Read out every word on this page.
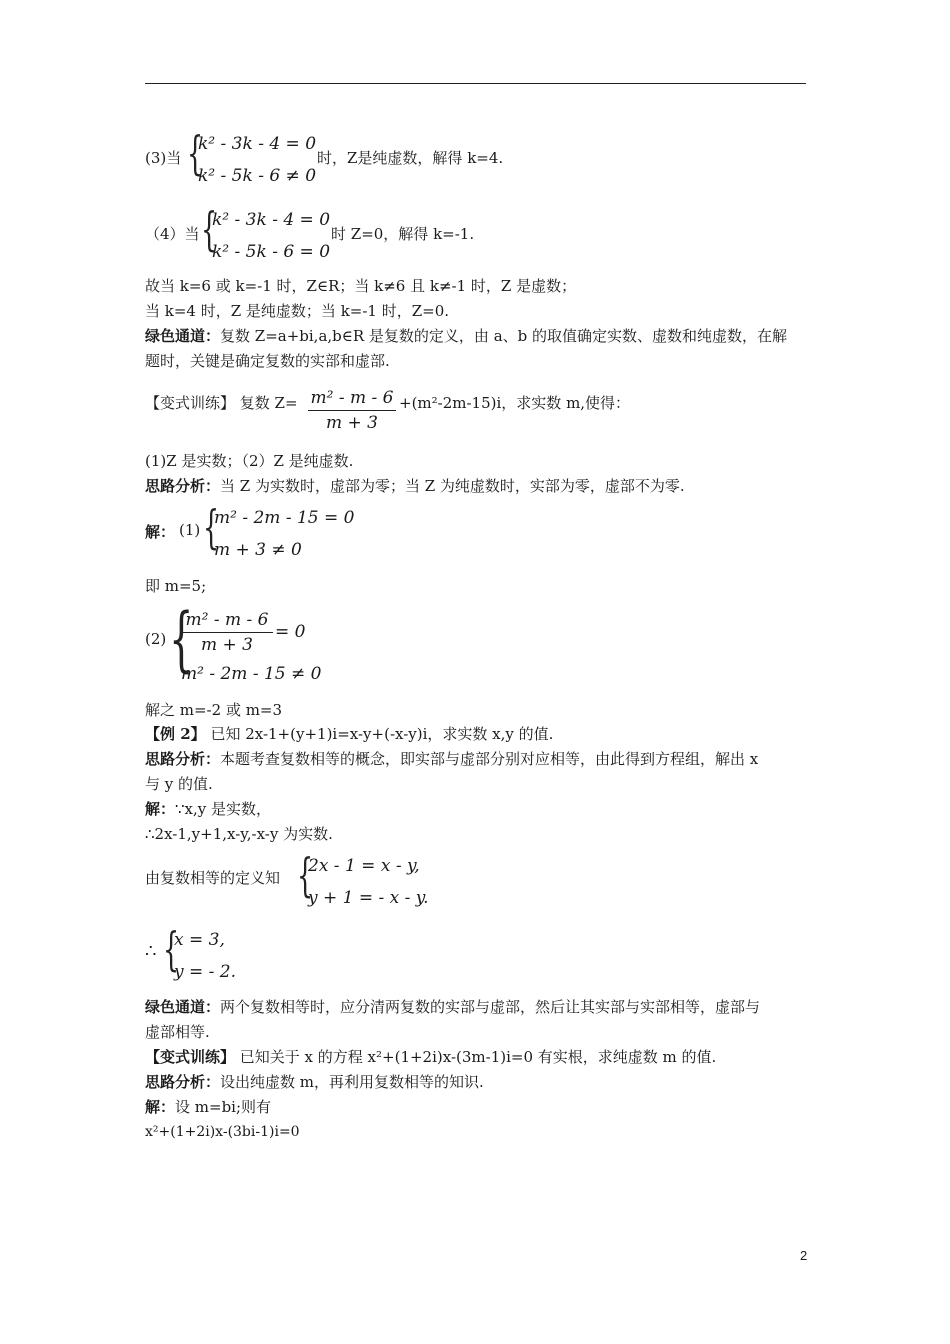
(3)当 {
k² - 3k - 4 = 0
k² - 5k - 6 ≠ 0
时，Z是纯虚数，解得 k=4.
（4）当 {
k² - 3k - 4 = 0
k² - 5k - 6 = 0
时 Z=0，解得 k=-1.
故当 k=6 或 k=-1 时，Z∈R；当 k≠6 且 k≠-1 时，Z 是虚数；
当 k=4 时，Z 是纯虚数；当 k=-1 时，Z=0.
绿色通道：复数 Z=a+bi,a,b∈R 是复数的定义，由 a、b 的取值确定实数、虚数和纯虚数，在解
题时，关键是确定复数的实部和虚部.
【变式训练】 复数 $Z= \frac{\text{m² - m - 6}}{m + 3} +(m^2-2m-15)i$，求实数 m,使得：
(1)Z 是实数；（2）Z 是纯虚数.
思路分析：当 Z 为实数时，虚部为零；当 Z 为纯虚数时，实部为零，虚部不为零.
解： (1) {
m² - 2m - 15 = 0
m + 3 ≠ 0
即 m=5;
(2) {
$\frac{\text{m² - m - 6}}{m + 3} = 0$
m² - 2m - 15 ≠ 0
解之 m=-2 或 m=3
【例 2】 已知 2x-1+(y+1)i=x-y+(-x-y)i，求实数 x,y 的值.
思路分析：本题考查复数相等的概念，即实部与虚部分别对应相等，由此得到方程组，解出 x
与 y 的值.
解：∵x,y 是实数，
∴2x-1,y+1,x-y,-x-y 为实数.
由复数相等的定义知 {
2x - 1 = x - y,
y + 1 = - x - y.
∴ {
x = 3,
y = - 2.
绿色通道：两个复数相等时，应分清两复数的实部与虚部，然后让其实部与实部相等，虚部与
虚部相等.
【变式训练】 已知关于 x 的方程 x²+(1+2i)x-(3m-1)i=0 有实根，求纯虚数 m 的值.
思路分析：设出纯虚数 m，再利用复数相等的知识.
解：设 m=bi;则有
x²+(1+2i)x-(3bi-1)i=0
2
